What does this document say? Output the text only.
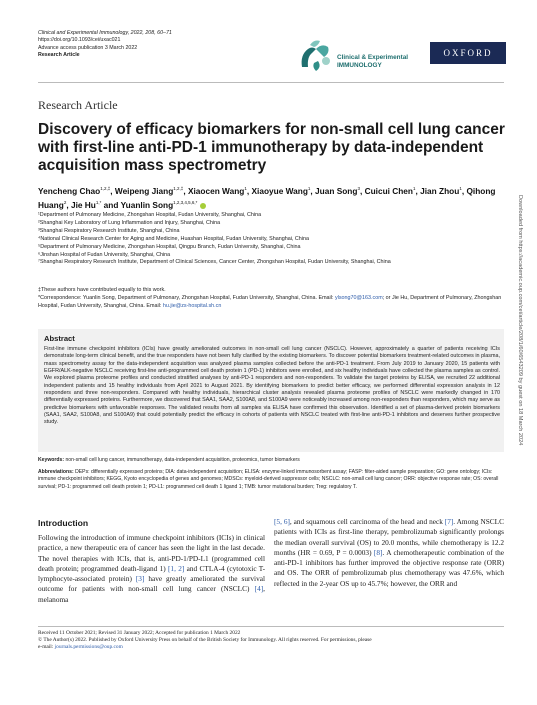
Clinical and Experimental Immunology, 2022, 208, 60–71
https://doi.org/10.1093/cei/uxac021
Advance access publication 3 March 2022
Research Article	Clinical & Experimental
IMMUNOLOGY
OXFORD
Research Article
Discovery of efficacy biomarkers for non-small cell lung cancer with first-line anti-PD-1 immunotherapy by data-independent acquisition mass spectrometry
Yencheng Chao$^{1,2,\ddagger}$, Weipeng Jiang$^{1,2,\ddagger}$, Xiaocen Wang$^1$, Xiaoyue Wang$^1$, Juan Song$^3$, Cuicui Chen$^1$, Jian Zhou$^1$, Qihong Huang$^2$, Jie $Hu^{1,*}$ and Yuanlin Song$^{1,2,3,4,5,6,*}$

¹Department of Pulmonary Medicine, Zhongshan Hospital, Fudan University, Shanghai, China

²Shanghai Key Laboratory of Lung Inflammation and Injury, Shanghai, China

³Shanghai Respiratory Research Institute, Shanghai, China

⁴National Clinical Research Center for Aging and Medicine, Huashan Hospital, Fudan University, Shanghai, China

⁵Department of Pulmonary Medicine, Zhongshan Hospital, Qingpu Branch, Fudan University, Shanghai, China

⁶Jinshan Hospital of Fudan University, Shanghai, China

⁷Shanghai Respiratory Research Institute, Department of Clinical Sciences, Cancer Center, Zhongshan Hospital, Fudan University, Shanghai, China

‡These authors have contributed equally to this work.

*Correspondence: Yuanlin Song, Department of Pulmonary, Zhongshan Hospital, Fudan University, Shanghai, China. Email: ylsong70@163.com; or Jie Hu, Department of Pulmonary, Zhongshan Hospital, Fudan University, Shanghai, China. Email: hu.jie@zs-hospital.sh.cn

Abstract
First-line immune checkpoint inhibitors (ICIs) have greatly ameliorated outcomes in non-small cell lung cancer (NSCLC). However, approximately a quarter of patients receiving ICIs demonstrate long-term clinical benefit, and the true responders have not been fully clarified by the existing biomarkers. To discover potential biomarkers treatment-related outcomes in plasma, mass spectrometry assay for the data-independent acquisition was analyzed plasma samples collected before the anti-PD-1 treatment. From July 2019 to January 2020, 15 patients with EGFR/ALK-negative NSCLC receiving first-line anti-programmed cell death protein 1 (PD-1) inhibitors were enrolled, and six healthy individuals have collected the plasma samples as control. We explored plasma proteome profiles and conducted stratified analyses by anti-PD-1 responders and non-responders. To validate the target proteins by ELISA, we recruited 22 additional independent patients and 15 healthy individuals from April 2021 to August 2021. By identifying biomarkers to predict better efficacy, we performed differential expression analysis in 12 responders and three non-responders. Compared with healthy individuals, hierarchical cluster analysis revealed plasma proteome profiles of NSCLC were markedly changed in 170 differentially expressed proteins. Furthermore, we discovered that SAA1, SAA2, S100A8, and S100A9 were noticeably increased among non-responders than responders, which may serve as predictive biomarkers with unfavorable responses. The validated results from all samples via ELISA have confirmed this observation. Identified a set of plasma-derived protein biomarkers (SAA1, SAA2, S100A8, and S100A9) that could potentially predict the efficacy in cohorts of patients with NSCLC treated with first-line anti-PD-1 inhibitors and deserves further prospective study.
Keywords: non-small cell lung cancer, immunotherapy, data-independent acquisition, proteomics, tumor biomarkers
Abbreviations: DEPs: differentially expressed proteins; DIA: data-independent acquisition; ELISA: enzyme-linked immunosorbent assay; FASP: filter-aided sample preparation; GO: gene ontology; ICIs: immune checkpoint inhibitors; KEGG, Kyoto encyclopedia of genes and genomes; MDSCs: myeloid-derived suppressor cells; NSCLC: non-small cell lung cancer; ORR: objective response rate; OS: overall survival; PD-1: programmed cell death protein 1; PD-L1: programmed cell death 1 ligand 1; TMB: tumor mutational burden; Treg: regulatory T.
Introduction
Following the introduction of immune checkpoint inhibitors (ICIs) in clinical practice, a new therapeutic era of cancer has seen the light in the last decade. The novel therapies with ICIs, that is, anti-PD-1/PD-L1 (programmed cell death protein; programmed death-ligand 1) [1, 2] and CTLA-4 (cytotoxic T-lymphocyte-associated protein) [3] have greatly ameliorated the survival outcome for patients with non-small cell lung cancer (NSCLC) [4], melanoma
[5, 6], and squamous cell carcinoma of the head and neck [7]. Among NSCLC patients with ICIs as first-line therapy, pembrolizumab significantly prolongs the median overall survival (OS) to 20.0 months, while chemotherapy is 12.2 months (HR = 0.69, P = 0.0003) [8]. A chemotherapeutic combination of the anti-PD-1 inhibitors has further improved the objective response rate (ORR) and OS. The ORR of pembrolizumab plus chemotherapy was 47.6%, which reflected in the 2-year OS up to 45.7%; however, the ORR and

Received 11 October 2021; Revised 31 January 2022; Accepted for publication 1 March 2022

© The Author(s) 2022. Published by Oxford University Press on behalf of the British Society for Immunology. All rights reserved. For permissions, please

e-mail: journals.permissions@oup.com

Downloaded from https://academic.oup.com/cei/article/208/1/60/6543209 by guest on 18 March 2024
